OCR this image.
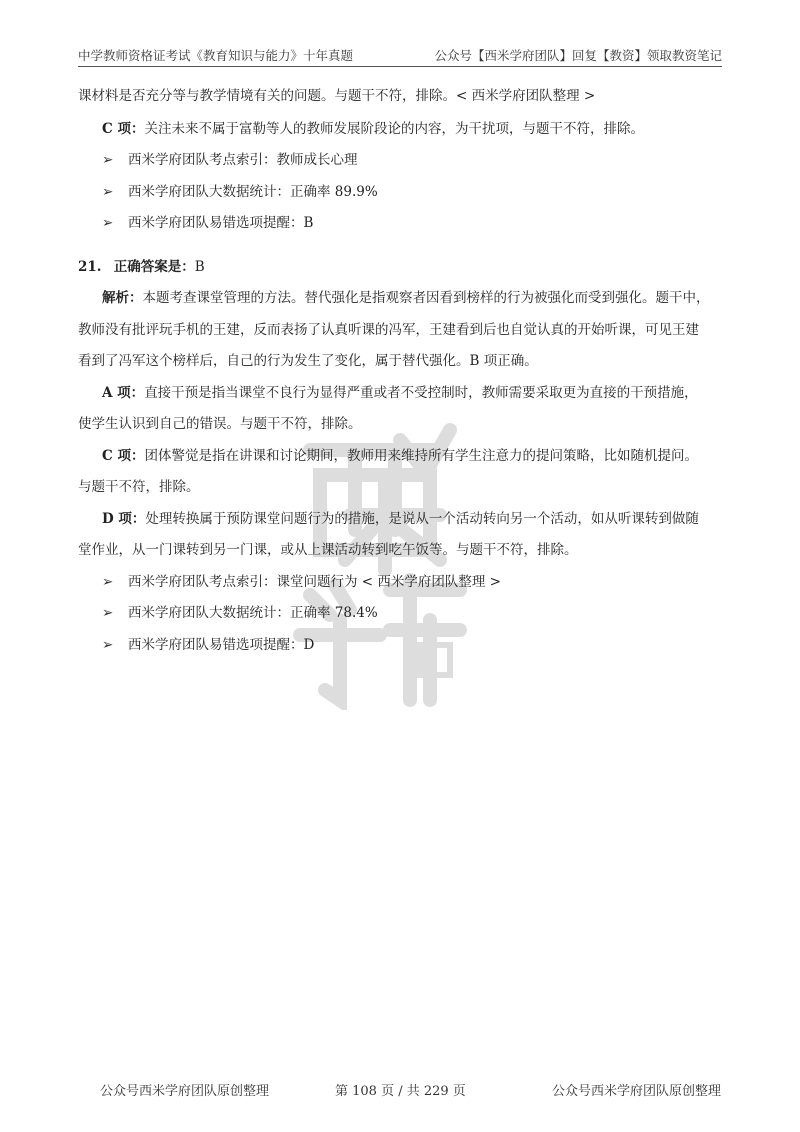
中学教师资格证考试《教育知识与能力》十年真题	公众号【西米学府团队】回复【教资】领取教资笔记
课材料是否充分等与教学情境有关的问题。与题干不符，排除。< 西米学府团队整理 >
C 项：关注未来不属于富勒等人的教师发展阶段论的内容，为干扰项，与题干不符，排除。
➢ 西米学府团队考点索引：教师成长心理
➢ 西米学府团队大数据统计：正确率 89.9%
➢ 西米学府团队易错选项提醒：B
21. 正确答案是：B
解析：本题考查课堂管理的方法。替代强化是指观察者因看到榜样的行为被强化而受到强化。题干中，
教师没有批评玩手机的王建，反而表扬了认真听课的冯军，王建看到后也自觉认真的开始听课，可见王建
看到了冯军这个榜样后，自己的行为发生了变化，属于替代强化。B 项正确。
A 项：直接干预是指当课堂不良行为显得严重或者不受控制时，教师需要采取更为直接的干预措施，
使学生认识到自己的错误。与题干不符，排除。
C 项：团体警觉是指在讲课和讨论期间，教师用来维持所有学生注意力的提问策略，比如随机提问。
与题干不符，排除。
D 项：处理转换属于预防课堂问题行为的措施，是说从一个活动转向另一个活动，如从听课转到做随
堂作业，从一门课转到另一门课，或从上课活动转到吃午饭等。与题干不符，排除。
➢ 西米学府团队考点索引：课堂问题行为 < 西米学府团队整理 >
➢ 西米学府团队大数据统计：正确率 78.4%
➢ 西米学府团队易错选项提醒：D
公众号西米学府团队原创整理	第 108 页 / 共 229 页	公众号西米学府团队原创整理
